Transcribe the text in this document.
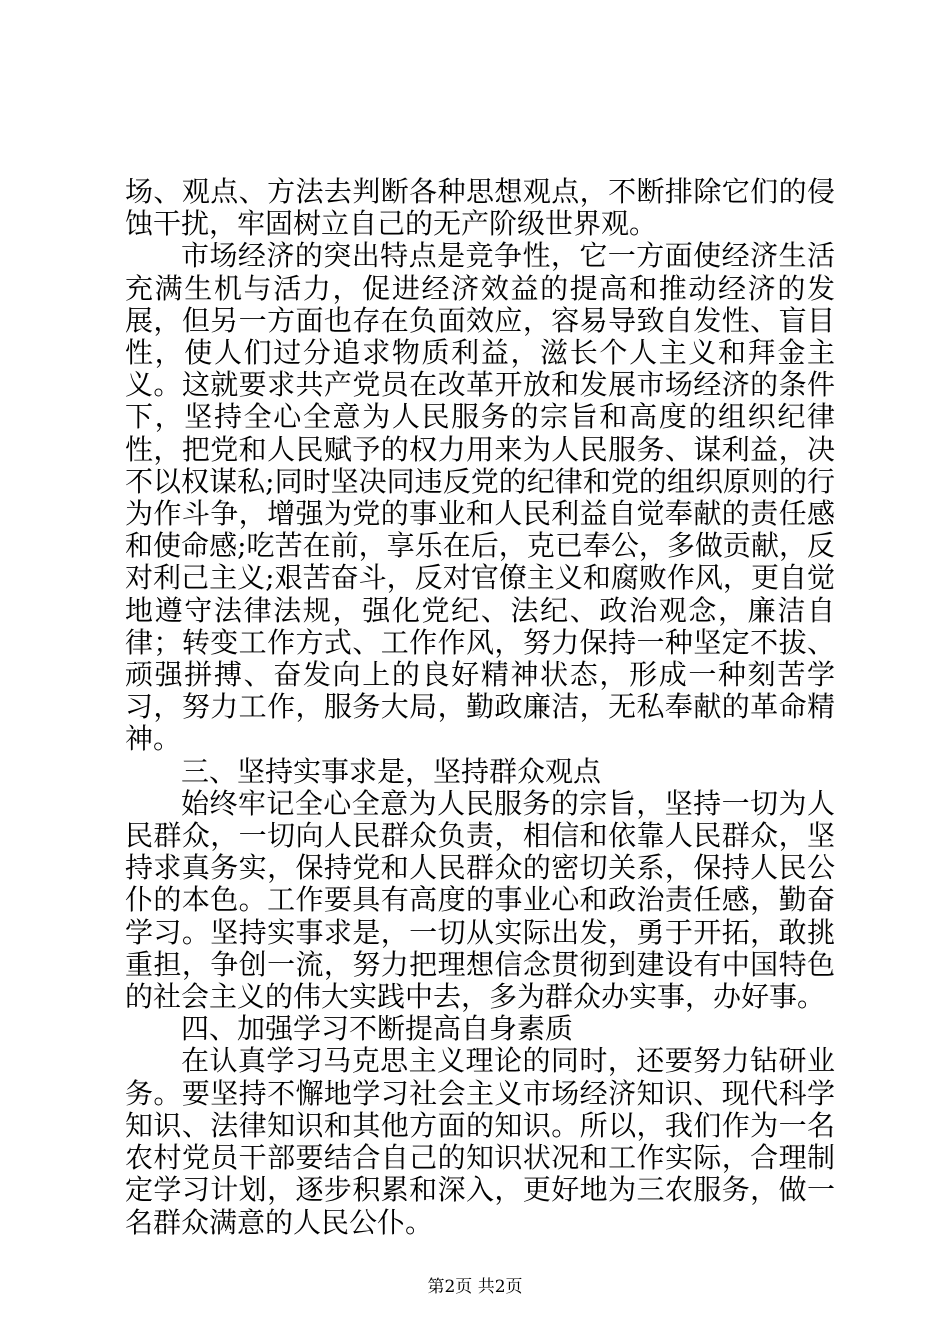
场、观点、方法去判断各种思想观点，不断排除它们的侵蚀干扰，牢固树立自己的无产阶级世界观。

市场经济的突出特点是竞争性，它一方面使经济生活充满生机与活力，促进经济效益的提高和推动经济的发展，但另一方面也存在负面效应，容易导致自发性、盲目性，使人们过分追求物质利益，滋长个人主义和拜金主义。这就要求共产党员在改革开放和发展市场经济的条件下，坚持全心全意为人民服务的宗旨和高度的组织纪律性，把党和人民赋予的权力用来为人民服务、谋利益，决不以权谋私;同时坚决同违反党的纪律和党的组织原则的行为作斗争，增强为党的事业和人民利益自觉奉献的责任感和使命感;吃苦在前，享乐在后，克已奉公，多做贡献，反对利己主义;艰苦奋斗，反对官僚主义和腐败作风，更自觉地遵守法律法规，强化党纪、法纪、政治观念，廉洁自律；转变工作方式、工作作风，努力保持一种坚定不拔、顽强拼搏、奋发向上的良好精神状态，形成一种刻苦学习，努力工作，服务大局，勤政廉洁，无私奉献的革命精神。

三、坚持实事求是，坚持群众观点

始终牢记全心全意为人民服务的宗旨，坚持一切为人民群众，一切向人民群众负责，相信和依靠人民群众，坚持求真务实，保持党和人民群众的密切关系，保持人民公仆的本色。工作要具有高度的事业心和政治责任感，勤奋学习。坚持实事求是，一切从实际出发，勇于开拓，敢挑重担，争创一流，努力把理想信念贯彻到建设有中国特色的社会主义的伟大实践中去，多为群众办实事，办好事。

四、加强学习不断提高自身素质

在认真学习马克思主义理论的同时，还要努力钻研业务。要坚持不懈地学习社会主义市场经济知识、现代科学知识、法律知识和其他方面的知识。所以，我们作为一名农村党员干部要结合自己的知识状况和工作实际，合理制定学习计划，逐步积累和深入，更好地为三农服务，做一名群众满意的人民公仆。

第2页 共2页
